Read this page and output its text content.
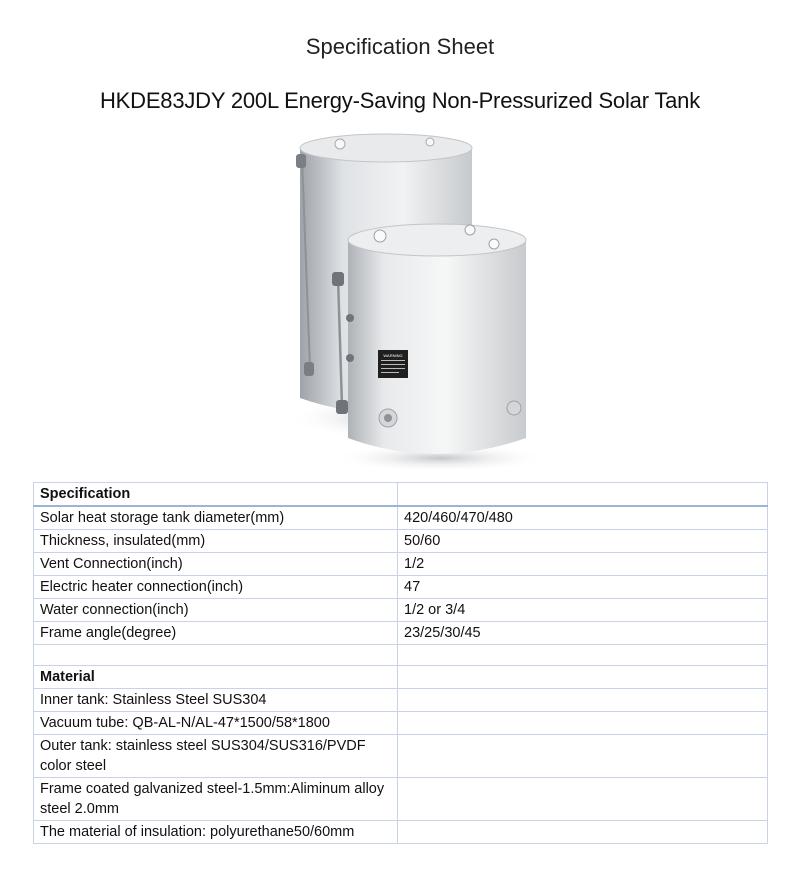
Specification Sheet
HKDE83JDY 200L Energy-Saving Non-Pressurized Solar Tank
WARNING
Specification	
Solar heat storage tank diameter(mm)	420/460/470/480
Thickness, insulated(mm)	50/60
Vent Connection(inch)	1/2
Electric heater connection(inch)	47
Water connection(inch)	1/2 or 3/4
Frame angle(degree)	23/25/30/45

Material	
Inner tank: Stainless Steel SUS304	
Vacuum tube: QB-AL-N/AL-47*1500/58*1800	
Outer tank: stainless steel SUS304/SUS316/PVDF color steel	
Frame coated galvanized steel-1.5mm:Aliminum alloy steel 2.0mm	
The material of insulation: polyurethane50/60mm	
